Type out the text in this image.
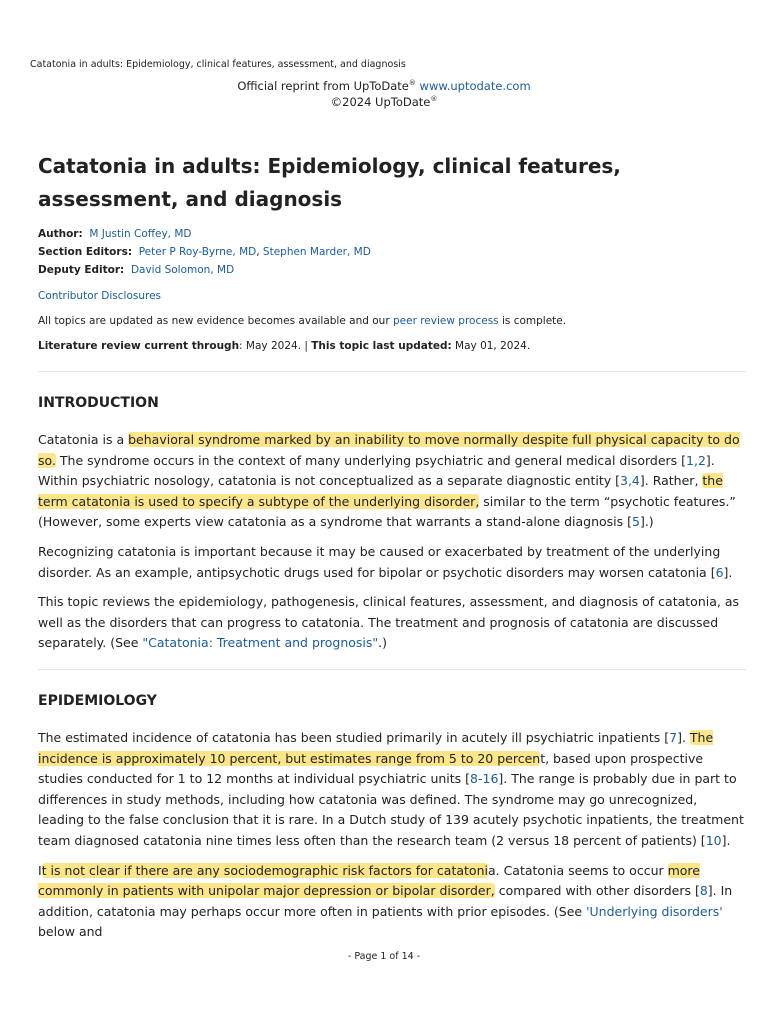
Catatonia in adults: Epidemiology, clinical features, assessment, and diagnosis
Official reprint from UpToDate® www.uptodate.com
©2024 UpToDate®
Catatonia in adults: Epidemiology, clinical features, assessment, and diagnosis
Author: M Justin Coffey, MD
Section Editors: Peter P Roy-Byrne, MD, Stephen Marder, MD
Deputy Editor: David Solomon, MD
Contributor Disclosures
All topics are updated as new evidence becomes available and our peer review process is complete.
Literature review current through: May 2024. | This topic last updated: May 01, 2024.
INTRODUCTION

Catatonia is a behavioral syndrome marked by an inability to move normally despite full physical capacity to do so. The syndrome occurs in the context of many underlying psychiatric and general medical disorders [1,2]. Within psychiatric nosology, catatonia is not conceptualized as a separate diagnostic entity [3,4]. Rather, the term catatonia is used to specify a subtype of the underlying disorder, similar to the term “psychotic features.” (However, some experts view catatonia as a syndrome that warrants a stand-alone diagnosis [5].)

Recognizing catatonia is important because it may be caused or exacerbated by treatment of the underlying disorder. As an example, antipsychotic drugs used for bipolar or psychotic disorders may worsen catatonia [6].

This topic reviews the epidemiology, pathogenesis, clinical features, assessment, and diagnosis of catatonia, as well as the disorders that can progress to catatonia. The treatment and prognosis of catatonia are discussed separately. (See "Catatonia: Treatment and prognosis".)

EPIDEMIOLOGY

The estimated incidence of catatonia has been studied primarily in acutely ill psychiatric inpatients [7]. The incidence is approximately 10 percent, but estimates range from 5 to 20 percent, based upon prospective studies conducted for 1 to 12 months at individual psychiatric units [8-16]. The range is probably due in part to differences in study methods, including how catatonia was defined. The syndrome may go unrecognized, leading to the false conclusion that it is rare. In a Dutch study of 139 acutely psychotic inpatients, the treatment team diagnosed catatonia nine times less often than the research team (2 versus 18 percent of patients) [10].

It is not clear if there are any sociodemographic risk factors for catatonia. Catatonia seems to occur more commonly in patients with unipolar major depression or bipolar disorder, compared with other disorders [8]. In addition, catatonia may perhaps occur more often in patients with prior episodes. (See 'Underlying disorders' below and

- Page 1 of 14 -
